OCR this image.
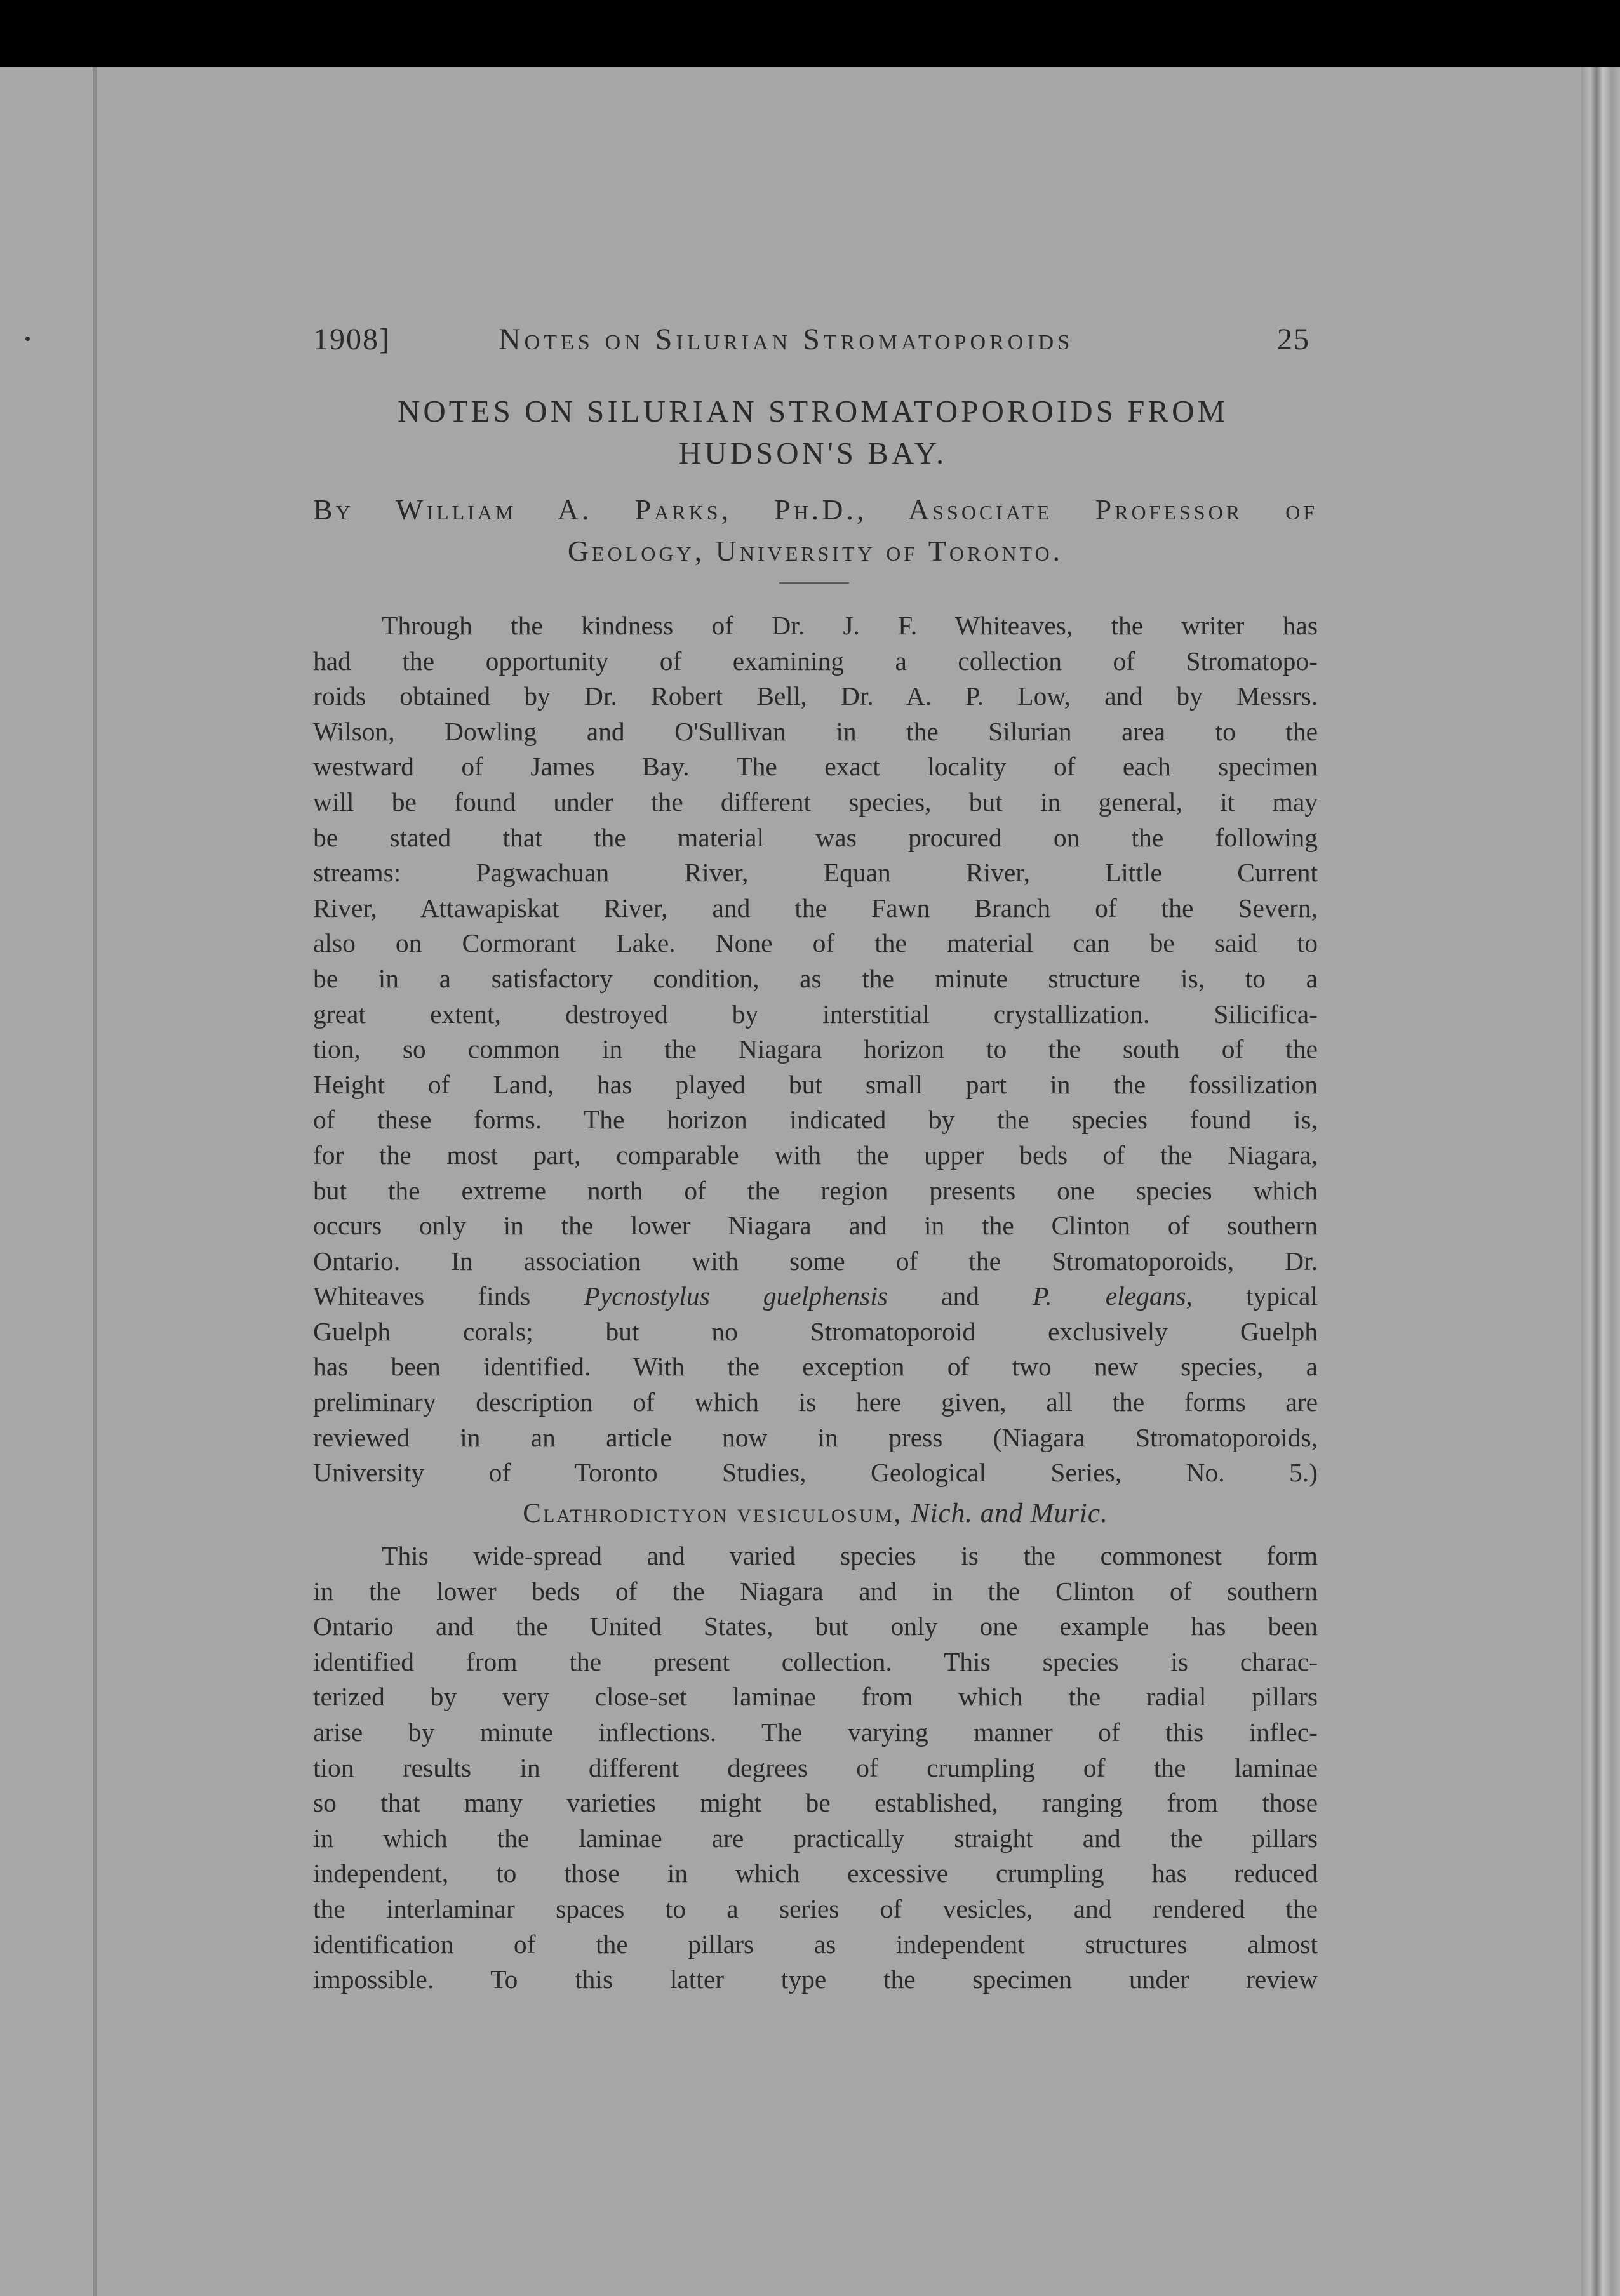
1908]	Notes on Silurian Stromatoporoids	25
NOTES ON SILURIAN STROMATOPOROIDS FROM
HUDSON'S BAY.
By William A. Parks, Ph.D., Associate Professor of
Geology, University of Toronto.
Through the kindness of Dr. J. F. Whiteaves, the writer has
had the opportunity of examining a collection of Stromatopo-
roids obtained by Dr. Robert Bell, Dr. A. P. Low, and by Messrs.
Wilson, Dowling and O'Sullivan in the Silurian area to the
westward of James Bay. The exact locality of each specimen
will be found under the different species, but in general, it may
be stated that the material was procured on the following
streams: Pagwachuan River, Equan River, Little Current
River, Attawapiskat River, and the Fawn Branch of the Severn,
also on Cormorant Lake. None of the material can be said to
be in a satisfactory condition, as the minute structure is, to a
great extent, destroyed by interstitial crystallization. Silicifica-
tion, so common in the Niagara horizon to the south of the
Height of Land, has played but small part in the fossilization
of these forms. The horizon indicated by the species found is,
for the most part, comparable with the upper beds of the Niagara,
but the extreme north of the region presents one species which
occurs only in the lower Niagara and in the Clinton of southern
Ontario. In association with some of the Stromatoporoids, Dr.
Whiteaves finds Pycnostylus guelphensis and P. elegans, typical
Guelph corals; but no Stromatoporoid exclusively Guelph
has been identified. With the exception of two new species, a
preliminary description of which is here given, all the forms are
reviewed in an article now in press (Niagara Stromatoporoids,
University of Toronto Studies, Geological Series, No. 5.)
Clathrodictyon vesiculosum, Nich. and Muric.
This wide-spread and varied species is the commonest form
in the lower beds of the Niagara and in the Clinton of southern
Ontario and the United States, but only one example has been
identified from the present collection. This species is charac-
terized by very close-set laminae from which the radial pillars
arise by minute inflections. The varying manner of this inflec-
tion results in different degrees of crumpling of the laminae
so that many varieties might be established, ranging from those
in which the laminae are practically straight and the pillars
independent, to those in which excessive crumpling has reduced
the interlaminar spaces to a series of vesicles, and rendered the
identification of the pillars as independent structures almost
impossible. To this latter type the specimen under review
